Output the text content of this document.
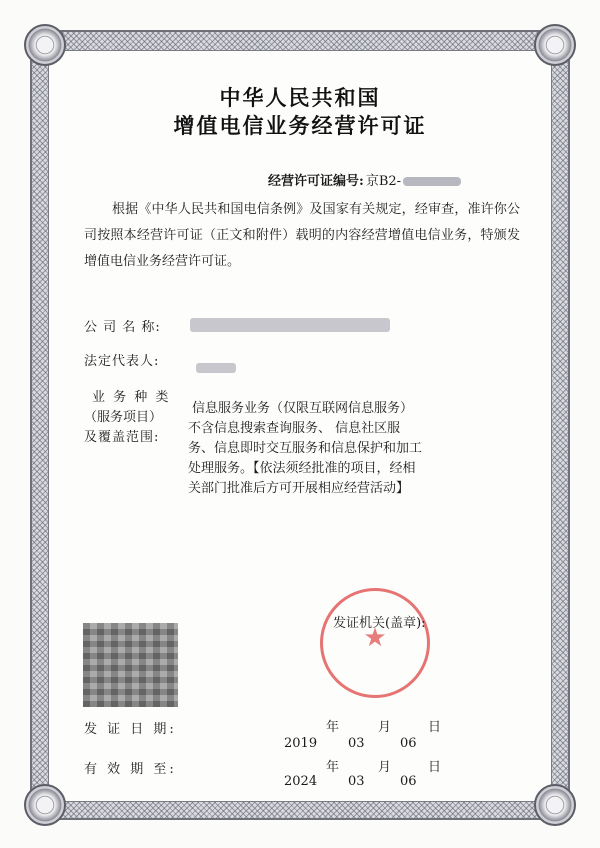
中华人民共和国
增值电信业务经营许可证
经营许可证编号: 京B2-
根据《中华人民共和国电信条例》及国家有关规定，经审查，准许你公司按照本经营许可证（正文和附件）载明的内容经营增值电信业务，特颁发增值电信业务经营许可证。
公 司 名 称:
法定代表人:
业 务 种 类
（服务项目）
及覆盖范围:
信息服务业务（仅限互联网信息服务）
不含信息搜索查询服务、 信息社区服
务、信息即时交互服务和信息保护和加工
处理服务。【依法须经批准的项目，经相
关部门批准后方可开展相应经营活动】
★
发证机关(盖章):
发 证 日 期:	年	月	日
2019 03	06
有 效 期 至:	年	月	日
2024 03	06
